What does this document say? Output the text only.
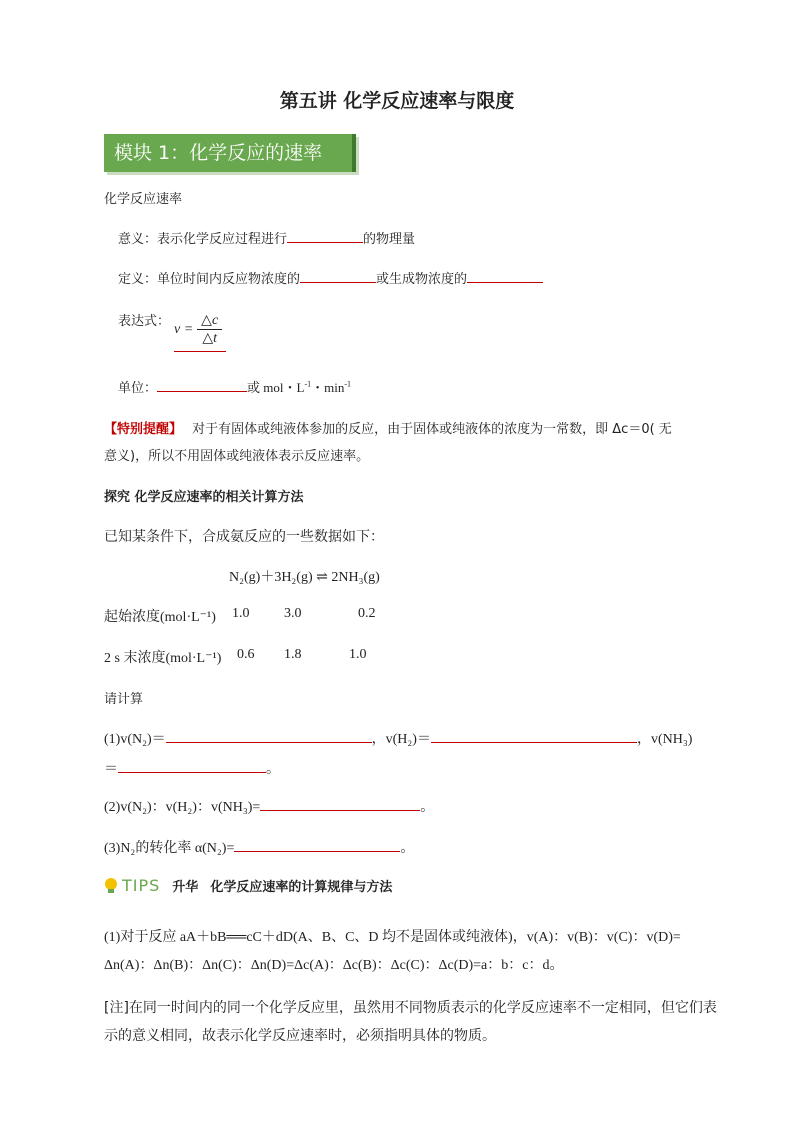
第五讲 化学反应速率与限度
模块 1：化学反应的速率
化学反应速率
意义：表示化学反应过程进行	的物理量
定义：单位时间内反应物浓度的	或生成物浓度的
表达式： $v = \frac{\triangle c}{\triangle t}$
单位：	或 mol・$L^{-1}$・$\min^{-1}$
【特别提醒】 对于有固体或纯液体参加的反应，由于固体或纯液体的浓度为一常数，即 Δc＝0( 无
意义)，所以不用固体或纯液体表示反应速率。
探究 化学反应速率的相关计算方法
已知某条件下，合成氨反应的一些数据如下：
N₂(g)＋3H₂(g) ⇌ 2NH₃(g)
起始浓度(mol·L⁻¹) 1.0 3.0	0.2
2 s 末浓度(mol·L⁻¹) 0.6 1.8	1.0
请计算
(1)v(N₂)＝	，v(H₂)＝	，v(NH₃)
＝	。
(2)v(N₂)：v(H₂)：v(NH₃)=	。
(3)N₂的转化率 α(N₂)=	。
TIPS 升华 化学反应速率的计算规律与方法
(1)对于反应 aA＋bB══cC＋dD(A、B、C、D 均不是固体或纯液体)，v(A)：v(B)：v(C)：v(D)=
Δn(A)：Δn(B)：Δn(C)：Δn(D)=Δc(A)：Δc(B)：Δc(C)：Δc(D)=a：b：c：d。
[注]在同一时间内的同一个化学反应里，虽然用不同物质表示的化学反应速率不一定相同，但它们表
示的意义相同，故表示化学反应速率时，必须指明具体的物质。
